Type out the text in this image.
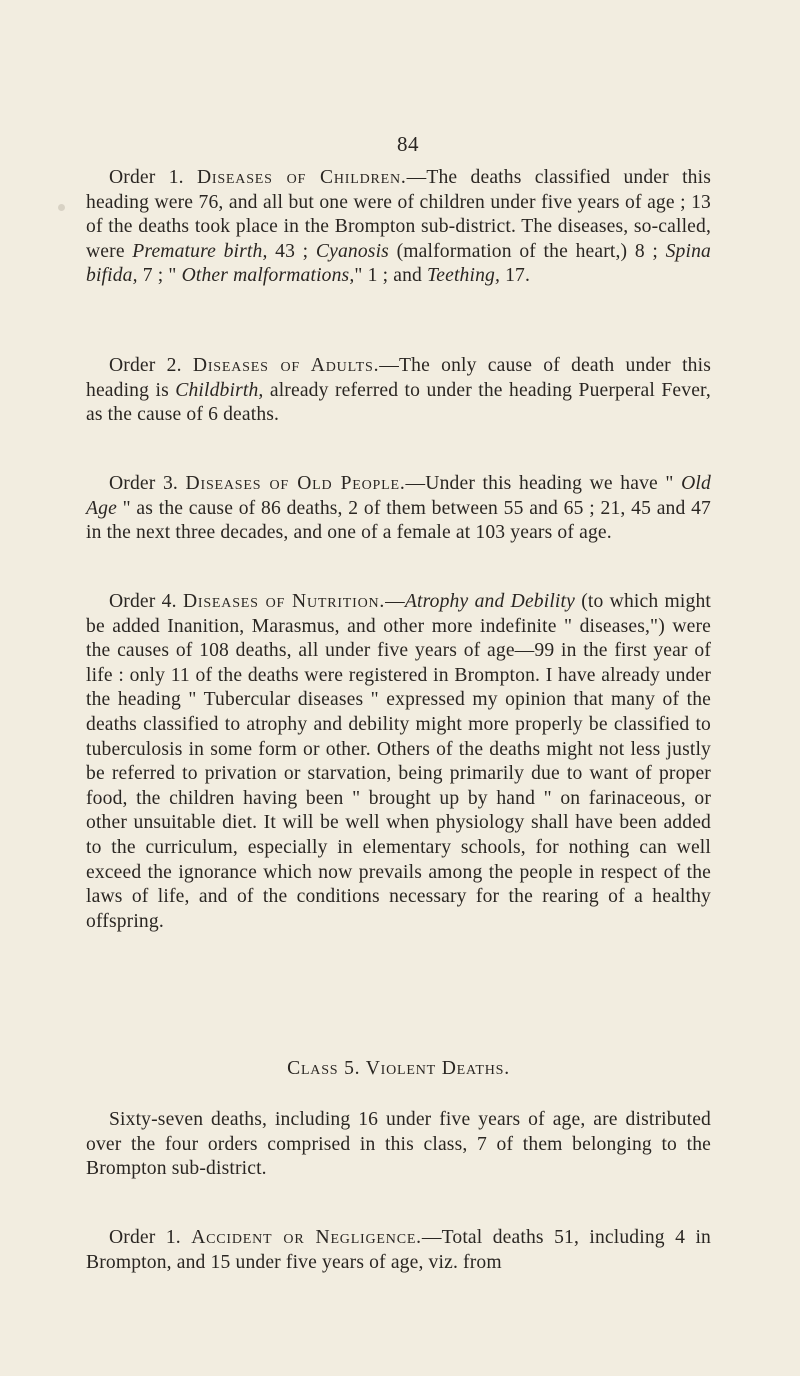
84

Order 1. Diseases of Children.—The deaths classified under this heading were 76, and all but one were of children under five years of age ; 13 of the deaths took place in the Brompton sub-district. The diseases, so-called, were Premature birth, 43 ; Cyanosis (malformation of the heart,) 8 ; Spina bifida, 7 ; " Other malformations," 1 ; and Teething, 17.

Order 2. Diseases of Adults.—The only cause of death under this heading is Childbirth, already referred to under the heading Puerperal Fever, as the cause of 6 deaths.

Order 3. Diseases of Old People.—Under this heading we have " Old Age " as the cause of 86 deaths, 2 of them between 55 and 65 ; 21, 45 and 47 in the next three decades, and one of a female at 103 years of age.

Order 4. Diseases of Nutrition.—Atrophy and Debility (to which might be added Inanition, Marasmus, and other more indefinite " diseases,") were the causes of 108 deaths, all under five years of age—99 in the first year of life : only 11 of the deaths were registered in Brompton. I have already under the heading " Tubercular diseases " expressed my opinion that many of the deaths classified to atrophy and debility might more properly be classified to tuberculosis in some form or other. Others of the deaths might not less justly be referred to privation or starvation, being primarily due to want of proper food, the children having been " brought up by hand " on farinaceous, or other unsuitable diet. It will be well when physiology shall have been added to the curriculum, especially in elementary schools, for nothing can well exceed the ignorance which now prevails among the people in respect of the laws of life, and of the conditions necessary for the rearing of a healthy offspring.

Class 5. Violent Deaths.

Sixty-seven deaths, including 16 under five years of age, are distributed over the four orders comprised in this class, 7 of them belonging to the Brompton sub-district.

Order 1. Accident or Negligence.—Total deaths 51, including 4 in Brompton, and 15 under five years of age, viz. from
